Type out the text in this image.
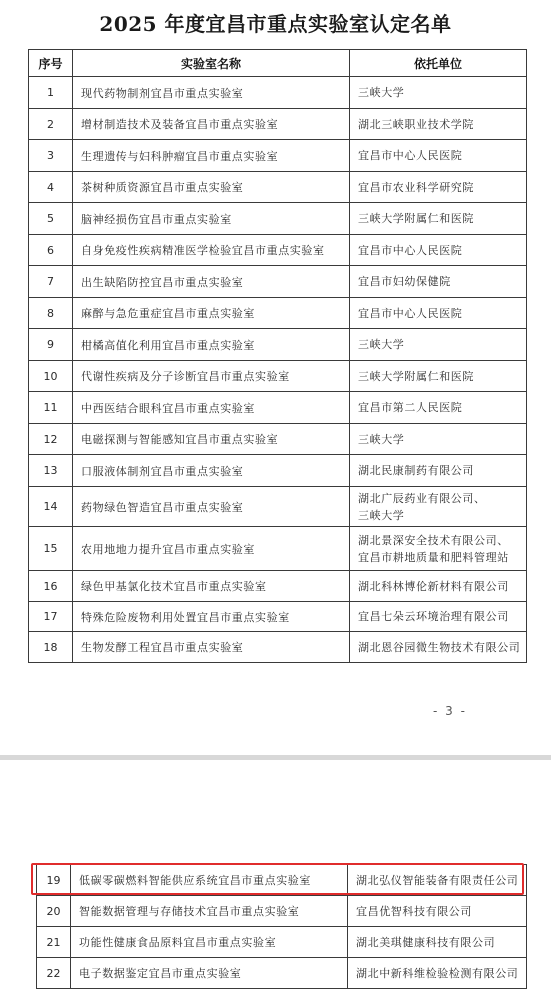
2025 年度宜昌市重点实验室认定名单
序号	实验室名称	依托单位
1	现代药物制剂宜昌市重点实验室	三峡大学

2	增材制造技术及装备宜昌市重点实验室	湖北三峡职业技术学院

3	生理遗传与妇科肿瘤宜昌市重点实验室	宜昌市中心人民医院

4	茶树种质资源宜昌市重点实验室	宜昌市农业科学研究院

5	脑神经损伤宜昌市重点实验室	三峡大学附属仁和医院

6	自身免疫性疾病精准医学检验宜昌市重点实验室	宜昌市中心人民医院

7	出生缺陷防控宜昌市重点实验室	宜昌市妇幼保健院

8	麻醉与急危重症宜昌市重点实验室	宜昌市中心人民医院

9	柑橘高值化利用宜昌市重点实验室	三峡大学

10	代谢性疾病及分子诊断宜昌市重点实验室	三峡大学附属仁和医院

11	中西医结合眼科宜昌市重点实验室	宜昌市第二人民医院

12	电磁探测与智能感知宜昌市重点实验室	三峡大学

13	口服液体制剂宜昌市重点实验室	湖北民康制药有限公司

14	药物绿色智造宜昌市重点实验室	湖北广辰药业有限公司、
三峡大学

15	农用地地力提升宜昌市重点实验室	湖北景深安全技术有限公司、
宜昌市耕地质量和肥料管理站

16	绿色甲基氯化技术宜昌市重点实验室	湖北科林博伦新材料有限公司

17	特殊危险废物利用处置宜昌市重点实验室	宜昌七朵云环境治理有限公司

18	生物发酵工程宜昌市重点实验室	湖北恩谷园微生物技术有限公司
- 3 -
19	低碳零碳燃料智能供应系统宜昌市重点实验室	湖北弘仪智能装备有限责任公司

20	智能数据管理与存储技术宜昌市重点实验室	宜昌优智科技有限公司

21	功能性健康食品原料宜昌市重点实验室	湖北美琪健康科技有限公司

22	电子数据鉴定宜昌市重点实验室	湖北中新科维检验检测有限公司
